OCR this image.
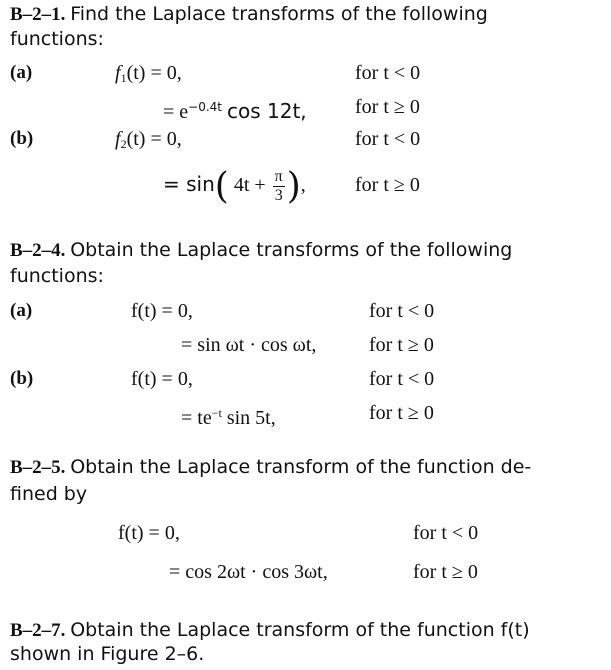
B–2–1. Find the Laplace transforms of the following
functions:
(a)	$f_1(t) = 0$,	for t < 0
= $e^{-0.4t}$ cos 12t, for t ≥ 0
(b)	$f_2(t) = 0$,	for t < 0
= sin( $4t + \frac{\pi}{3}$ ), for t ≥ 0
B–2–4. Obtain the Laplace transforms of the following
functions:
(a)	f(t) = 0,	for t < 0
= sin ωt · cos ωt,	for t ≥ 0
(b)	f(t) = 0,	for t < 0
= $te^{-t}$ sin 5t,	for t ≥ 0
B–2–5. Obtain the Laplace transform of the function de-
fined by
f(t) = 0,	for t < 0
= cos 2ωt · cos 3ωt,	for t ≥ 0
B–2–7. Obtain the Laplace transform of the function f(t)
shown in Figure 2–6.
